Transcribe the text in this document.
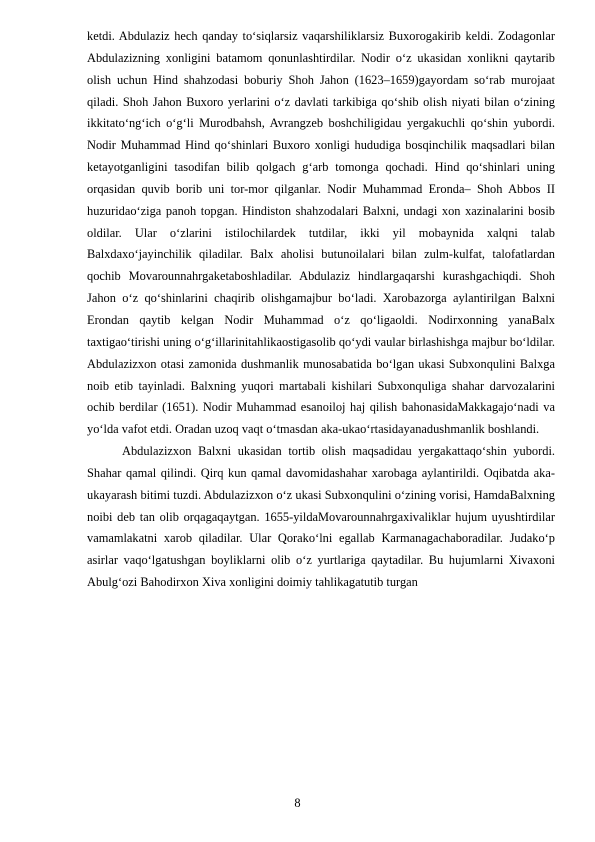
ketdi. Abdulaziz hech qanday to‘siqlarsiz vaqarshiliklarsiz Buxorogakirib keldi. Zodagonlar Abdulazizning xonligini batamom qonunlashtirdilar. Nodir o‘z ukasidan xonlikni qaytarib olish uchun Hind shahzodasi boburiy Shoh Jahon (1623–1659)gayordam so‘rab murojaat qiladi. Shoh Jahon Buxoro yerlarini o‘z davlati tarkibiga qo‘shib olish niyati bilan o‘zining ikkitato‘ng‘ich o‘g‘li Murodbahsh, Avrangzeb boshchiligidau yergakuchli qo‘shin yubordi. Nodir Muhammad Hind qo‘shinlari Buxoro xonligi hududiga bosqinchilik maqsadlari bilan ketayotganligini tasodifan bilib qolgach g‘arb tomonga qochadi. Hind qo‘shinlari uning orqasidan quvib borib uni tor-mor qilganlar. Nodir Muhammad Eronda– Shoh Abbos II huzuridao‘ziga panoh topgan. Hindiston shahzodalari Balxni, undagi xon xazinalarini bosib oldilar. Ular o‘zlarini istilochilardek tutdilar, ikki yil mobaynida xalqni talab Balxdaxo‘jayinchilik qiladilar. Balx aholisi butunoilalari bilan zulm-kulfat, talofatlardan qochib Movarounnahrgaketaboshladilar. Abdulaziz hindlargaqarshi kurashgachiqdi. Shoh Jahon o‘z qo‘shinlarini chaqirib olishgamajbur bo‘ladi. Xarobazorga aylantirilgan Balxni Erondan qaytib kelgan Nodir Muhammad o‘z qo‘ligaoldi. Nodirxonning yanaBalx taxtigao‘tirishi uning o‘g‘illarinitahlikaostigasolib qo‘ydi vaular birlashishga majbur bo‘ldilar. Abdulazizxon otasi zamonida dushmanlik munosabatida bo‘lgan ukasi Subxonqulini Balxga noib etib tayinladi. Balxning yuqori martabali kishilari Subxonquliga shahar darvozalarini ochib berdilar (1651). Nodir Muhammad esanoiloj haj qilish bahonasidaMakkagajo‘nadi va yo‘lda vafot etdi. Oradan uzoq vaqt o‘tmasdan aka-ukao‘rtasidayanadushmanlik boshlandi.

Abdulazizxon Balxni ukasidan tortib olish maqsadidau yergakattaqo‘shin yubordi. Shahar qamal qilindi. Qirq kun qamal davomidashahar xarobaga aylantirildi. Oqibatda aka-ukayarash bitimi tuzdi. Abdulazizxon o‘z ukasi Subxonqulini o‘zining vorisi, HamdaBalxning noibi deb tan olib orqagaqaytgan. 1655-yildaMovarounnahrgaxivaliklar hujum uyushtirdilar vamamlakatni xarob qiladilar. Ular Qorako‘lni egallab Karmanagachaboradilar. Judako‘p asirlar vaqo‘lgatushgan boyliklarni olib o‘z yurtlariga qaytadilar. Bu hujumlarni Xivaxoni Abulg‘ozi Bahodirxon Xiva xonligini doimiy tahlikagatutib turgan

8
